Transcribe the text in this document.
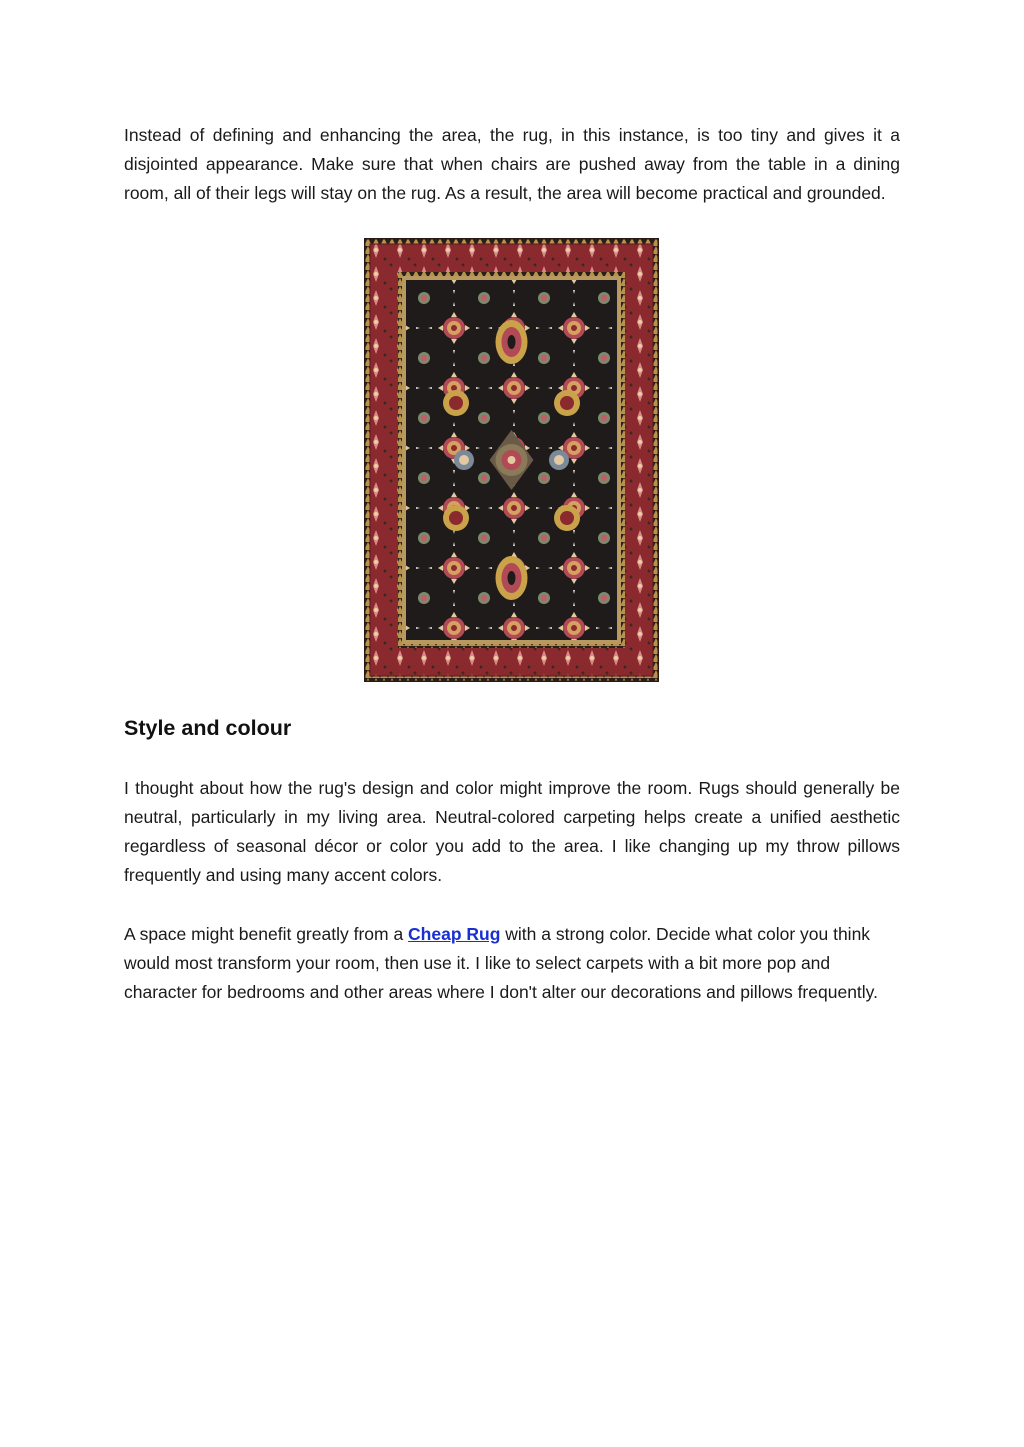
Instead of defining and enhancing the area, the rug, in this instance, is too tiny and gives it a disjointed appearance. Make sure that when chairs are pushed away from the table in a dining room, all of their legs will stay on the rug. As a result, the area will become practical and grounded.

Style and colour

I thought about how the rug's design and color might improve the room. Rugs should generally be neutral, particularly in my living area. Neutral-colored carpeting helps create a unified aesthetic regardless of seasonal décor or color you add to the area. I like changing up my throw pillows frequently and using many accent colors.

A space might benefit greatly from a Cheap Rug with a strong color. Decide what color you think would most transform your room, then use it. I like to select carpets with a bit more pop and character for bedrooms and other areas where I don't alter our decorations and pillows frequently.
